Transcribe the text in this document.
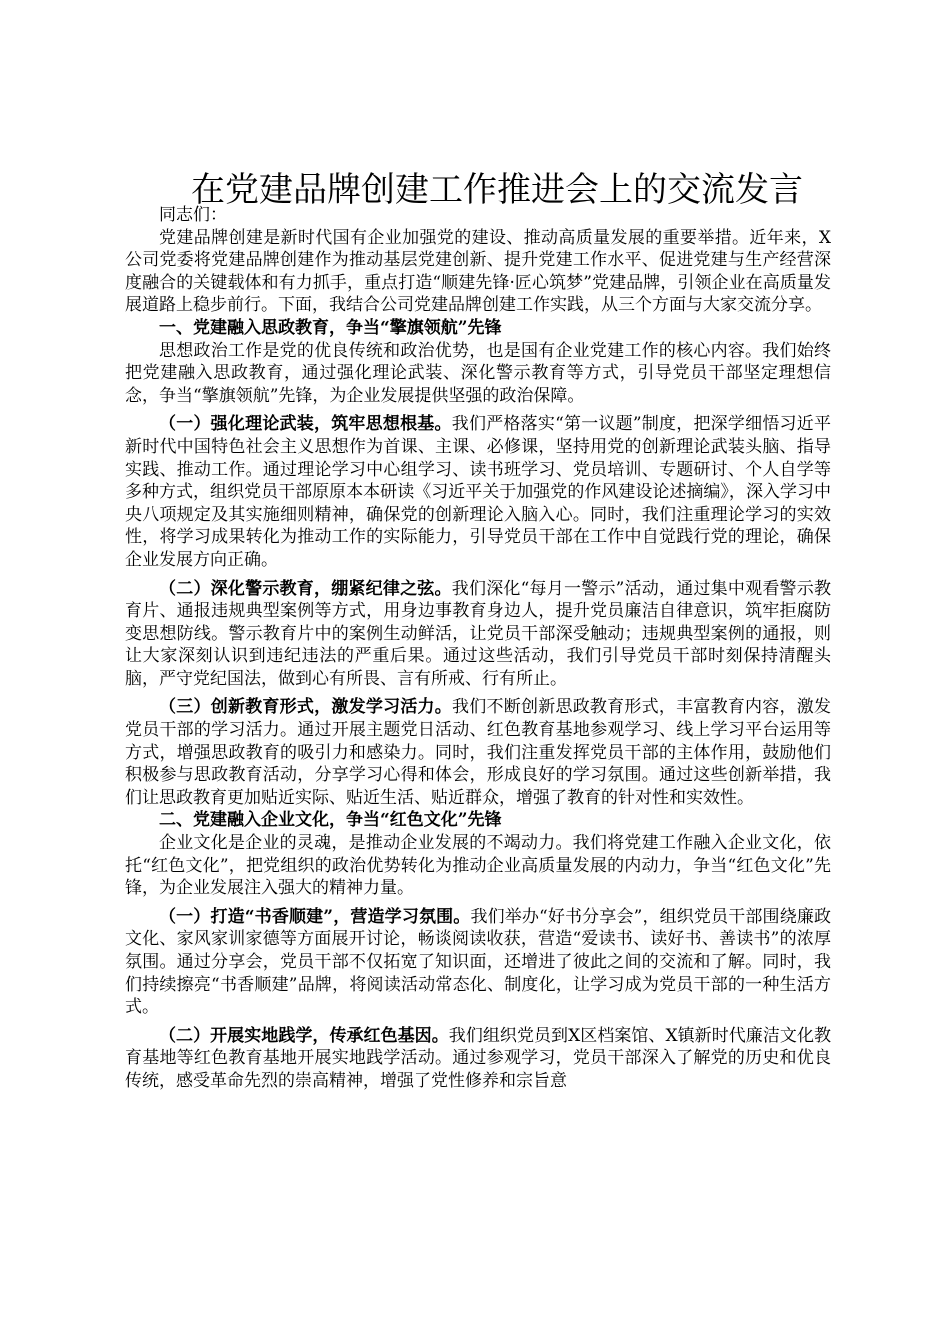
在党建品牌创建工作推进会上的交流发言

同志们：

党建品牌创建是新时代国有企业加强党的建设、推动高质量发展的重要举措。近年来，X公司党委将党建品牌创建作为推动基层党建创新、提升党建工作水平、促进党建与生产经营深度融合的关键载体和有力抓手，重点打造“顺建先锋·匠心筑梦”党建品牌，引领企业在高质量发展道路上稳步前行。下面，我结合公司党建品牌创建工作实践，从三个方面与大家交流分享。

一、党建融入思政教育，争当“擎旗领航”先锋

思想政治工作是党的优良传统和政治优势，也是国有企业党建工作的核心内容。我们始终把党建融入思政教育，通过强化理论武装、深化警示教育等方式，引导党员干部坚定理想信念，争当“擎旗领航”先锋，为企业发展提供坚强的政治保障。

（一）强化理论武装，筑牢思想根基。我们严格落实“第一议题”制度，把深学细悟习近平新时代中国特色社会主义思想作为首课、主课、必修课，坚持用党的创新理论武装头脑、指导实践、推动工作。通过理论学习中心组学习、读书班学习、党员培训、专题研讨、个人自学等多种方式，组织党员干部原原本本研读《习近平关于加强党的作风建设论述摘编》，深入学习中央八项规定及其实施细则精神，确保党的创新理论入脑入心。同时，我们注重理论学习的实效性，将学习成果转化为推动工作的实际能力，引导党员干部在工作中自觉践行党的理论，确保企业发展方向正确。

（二）深化警示教育，绷紧纪律之弦。我们深化“每月一警示”活动，通过集中观看警示教育片、通报违规典型案例等方式，用身边事教育身边人，提升党员廉洁自律意识，筑牢拒腐防变思想防线。警示教育片中的案例生动鲜活，让党员干部深受触动；违规典型案例的通报，则让大家深刻认识到违纪违法的严重后果。通过这些活动，我们引导党员干部时刻保持清醒头脑，严守党纪国法，做到心有所畏、言有所戒、行有所止。

（三）创新教育形式，激发学习活力。我们不断创新思政教育形式，丰富教育内容，激发党员干部的学习活力。通过开展主题党日活动、红色教育基地参观学习、线上学习平台运用等方式，增强思政教育的吸引力和感染力。同时，我们注重发挥党员干部的主体作用，鼓励他们积极参与思政教育活动，分享学习心得和体会，形成良好的学习氛围。通过这些创新举措，我们让思政教育更加贴近实际、贴近生活、贴近群众，增强了教育的针对性和实效性。

二、党建融入企业文化，争当“红色文化”先锋

企业文化是企业的灵魂，是推动企业发展的不竭动力。我们将党建工作融入企业文化，依托“红色文化”，把党组织的政治优势转化为推动企业高质量发展的内动力，争当“红色文化”先锋，为企业发展注入强大的精神力量。

（一）打造“书香顺建”，营造学习氛围。我们举办“好书分享会”，组织党员干部围绕廉政文化、家风家训家德等方面展开讨论，畅谈阅读收获，营造“爱读书、读好书、善读书”的浓厚氛围。通过分享会，党员干部不仅拓宽了知识面，还增进了彼此之间的交流和了解。同时，我们持续擦亮“书香顺建”品牌，将阅读活动常态化、制度化，让学习成为党员干部的一种生活方式。

（二）开展实地践学，传承红色基因。我们组织党员到X区档案馆、X镇新时代廉洁文化教育基地等红色教育基地开展实地践学活动。通过参观学习，党员干部深入了解党的历史和优良传统，感受革命先烈的崇高精神，增强了党性修养和宗旨意
